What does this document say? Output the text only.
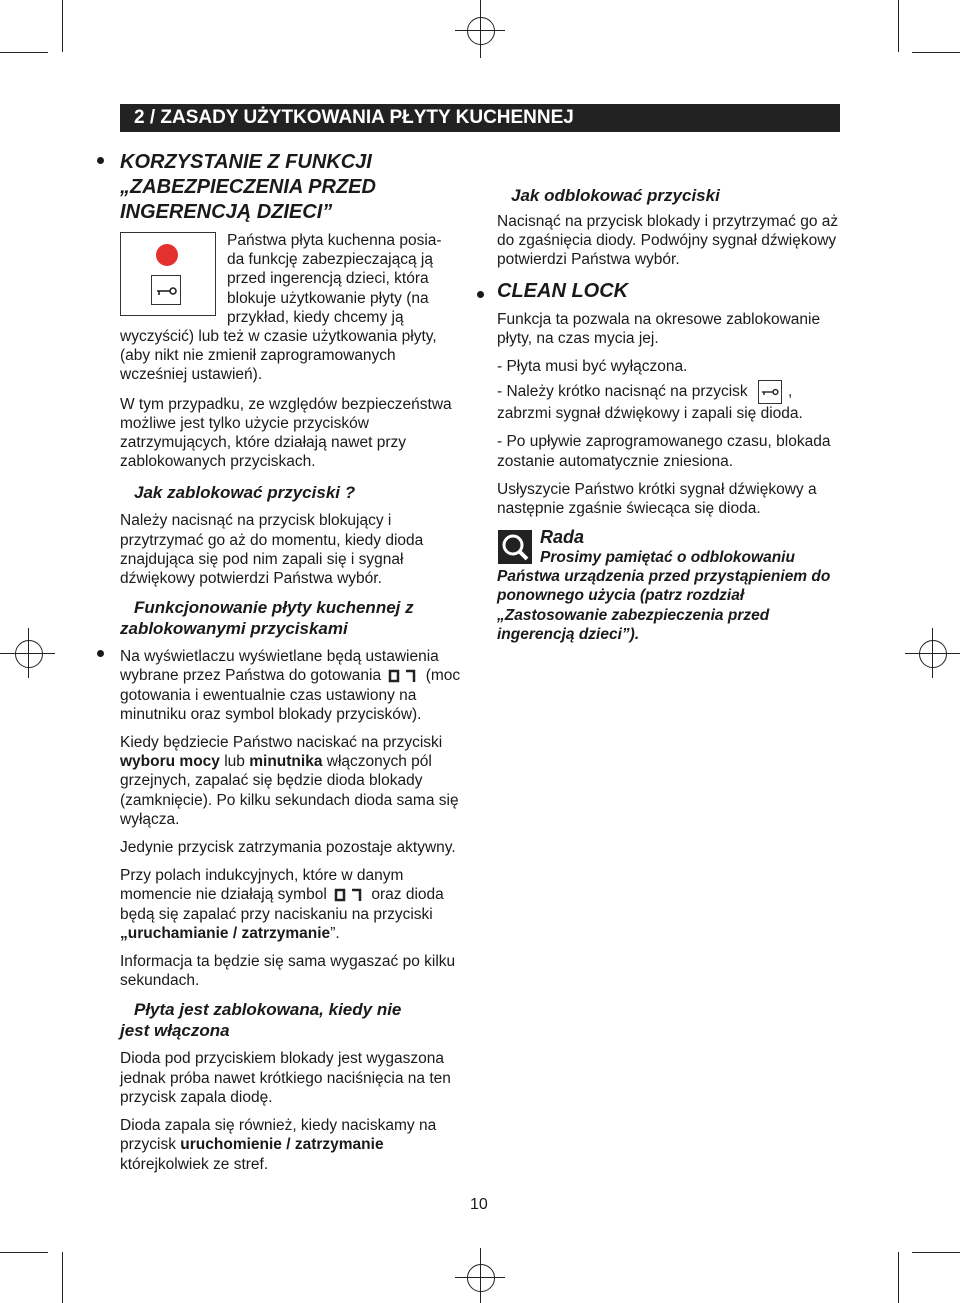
2 / ZASADY UŻYTKOWANIA PŁYTY KUCHENNEJ
KORZYSTANIE Z FUNKCJI
„ZABEZPIECZENIA PRZED
INGERENCJĄ DZIECI”
Państwa płyta kuchenna posia-
da funkcję zabezpieczającą ją
przed ingerencją dzieci, która
blokuje użytkowanie płyty (na
przykład, kiedy chcemy ją

wyczyścić) lub też w czasie użytkowania płyty, (aby nikt nie zmienił zaprogramowanych wcześniej ustawień).

W tym przypadku, ze względów bezpieczeństwa możliwe jest tylko użycie przycisków zatrzymujących, które działają nawet przy zablokowanych przyciskach.

Jak zablokować przyciski ?

Należy nacisnąć na przycisk blokujący i przytrzymać go aż do momentu, kiedy dioda znajdująca się pod nim zapali się i sygnał dźwiękowy potwierdzi Państwa wybór.

Funkcjonowanie płyty kuchennej z
zablokowanymi przyciskami

Na wyświetlaczu wyświetlane będą ustawienia wybrane przez Państwa do gotowania	(moc gotowania i ewentualnie czas ustawiony na minutniku oraz symbol blokady przycisków).

Kiedy będziecie Państwo naciskać na przyciski wyboru mocy lub minutnika włączonych pól grzejnych, zapalać się będzie dioda blokady (zamknięcie). Po kilku sekundach dioda sama się wyłącza.

Jedynie przycisk zatrzymania pozostaje aktywny.

Przy polach indukcyjnych, które w danym momencie nie działają symbol	oraz dioda będą się zapalać przy naciskaniu na przyciski „uruchamianie / zatrzymanie”.

Informacja ta będzie się sama wygaszać po kilku sekundach.

Płyta jest zablokowana, kiedy nie
jest włączona

Dioda pod przyciskiem blokady jest wygaszona jednak próba nawet krótkiego naciśnięcia na ten przycisk zapala diodę.

Dioda zapala się również, kiedy naciskamy na przycisk uruchomienie / zatrzymanie którejkolwiek ze stref.

Jak odblokować przyciski

Nacisnąć na przycisk blokady i przytrzymać go aż do zgaśnięcia diody. Podwójny sygnał dźwiękowy potwierdzi Państwa wybór.

CLEAN LOCK

Funkcja ta pozwala na okresowe zablokowanie płyty, na czas mycia jej.

- Płyta musi być wyłączona.

- Należy krótko nacisnąć na przycisk	, zabrzmi sygnał dźwiękowy i zapali się dioda.

- Po upływie zaprogramowanego czasu, blokada zostanie automatycznie zniesiona.

Usłyszycie Państwo krótki sygnał dźwiękowy a następnie zgaśnie świecąca się dioda.

Rada
Prosimy pamiętać o odblokowaniu
Państwa urządzenia przed przystąpieniem do ponownego użycia (patrz rozdział „Zastosowanie zabezpieczenia przed ingerencją dzieci”).
10
